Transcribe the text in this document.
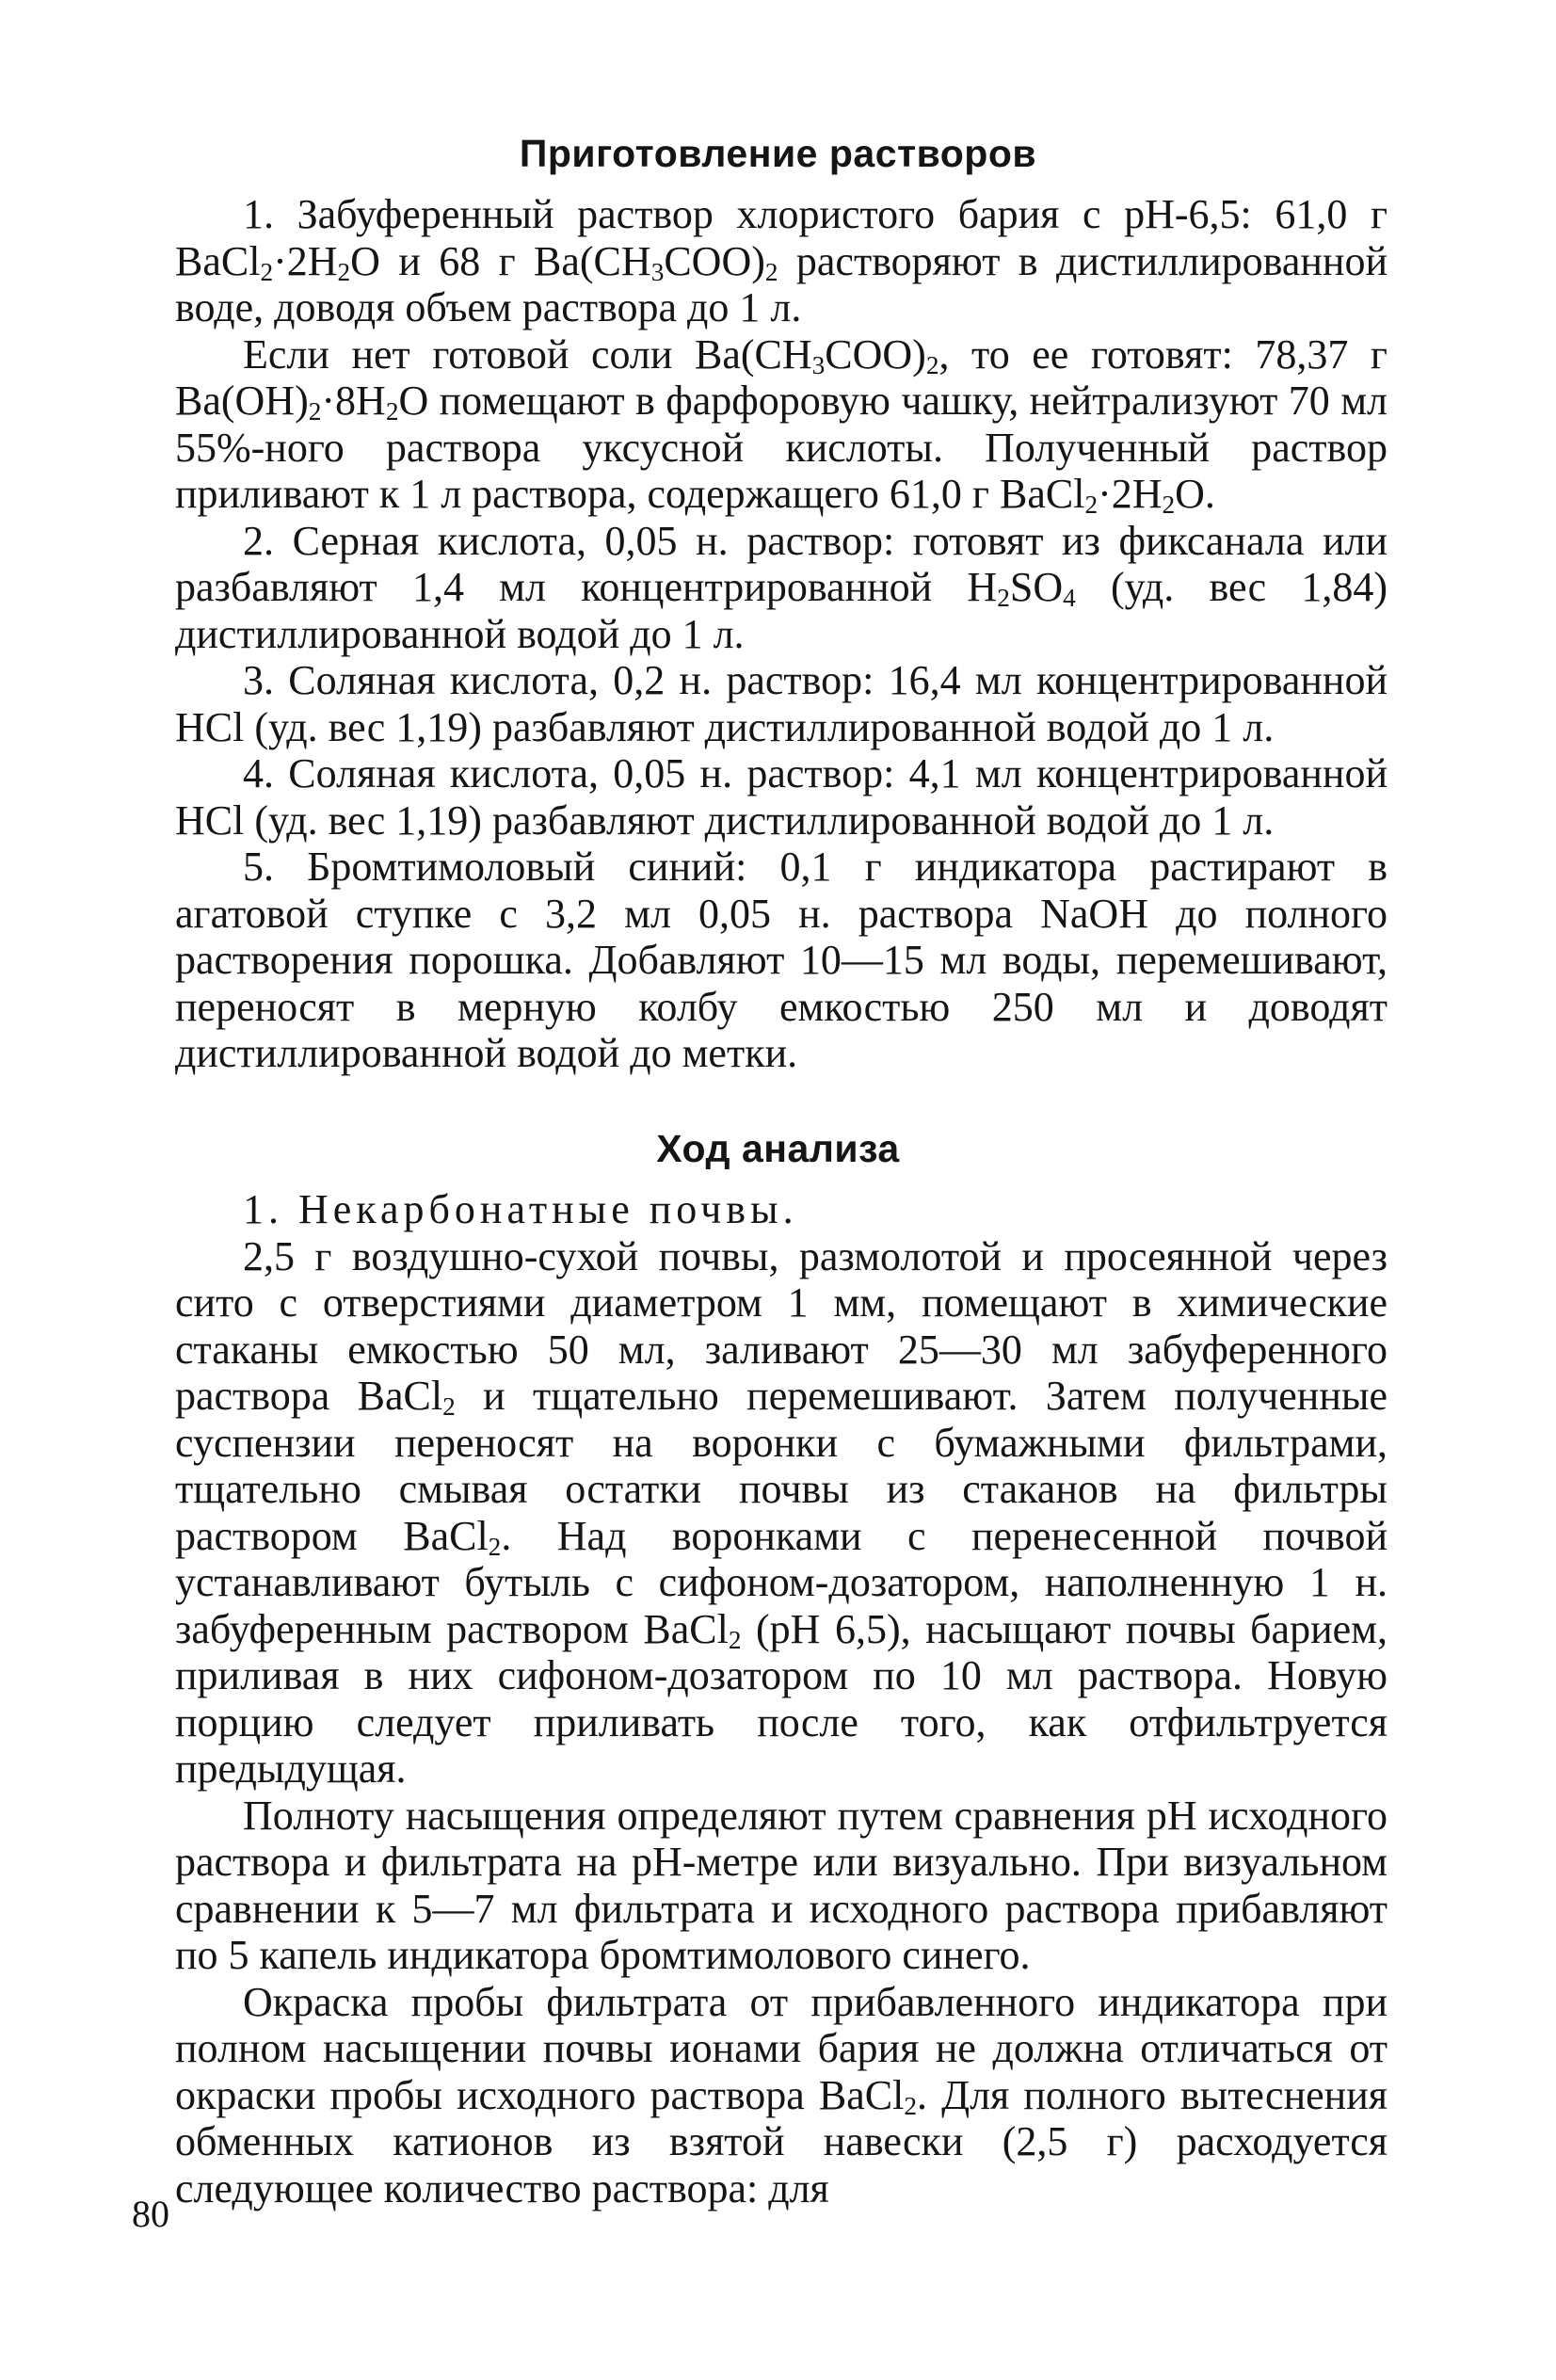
Приготовление растворов

1. Забуференный раствор хлористого бария с pH-6,5: 61,0 г $BaCl_2\cdot 2H_2O$ и 68 г $Ba(CH_3COO)_2$ растворяют в дистиллированной воде, доводя объем раствора до 1 л.

Если нет готовой соли $Ba(CH_3COO)_2$, то ее готовят: 78,37 г $Ba(OH)_2\cdot 8H_2O$ помещают в фарфоровую чашку, нейтрализуют 70 мл 55%-ного раствора уксусной кислоты. Полученный раствор приливают к 1 л раствора, содержащего 61,0 г $BaCl_2\cdot 2H_2O$.

2. Серная кислота, 0,05 н. раствор: готовят из фиксанала или разбавляют 1,4 мл концентрированной $H_2SO_4$ (уд. вес 1,84) дистиллированной водой до 1 л.

3. Соляная кислота, 0,2 н. раствор: 16,4 мл концентрированной HCl (уд. вес 1,19) разбавляют дистиллированной водой до 1 л.

4. Соляная кислота, 0,05 н. раствор: 4,1 мл концентрированной HCl (уд. вес 1,19) разбавляют дистиллированной водой до 1 л.

5. Бромтимоловый синий: 0,1 г индикатора растирают в агатовой ступке с 3,2 мл 0,05 н. раствора NaOH до полного растворения порошка. Добавляют 10—15 мл воды, перемешивают, переносят в мерную колбу емкостью 250 мл и доводят дистиллированной водой до метки.

Ход анализа

1. Некарбонатные почвы.

2,5 г воздушно-сухой почвы, размолотой и просеянной через сито с отверстиями диаметром 1 мм, помещают в химические стаканы емкостью 50 мл, заливают 25—30 мл забуференного раствора BaCl$_2$ и тщательно перемешивают. Затем полученные суспензии переносят на воронки с бумажными фильтрами, тщательно смывая остатки почвы из стаканов на фильтры раствором BaCl$_2$. Над воронками с перенесенной почвой устанавливают бутыль с сифоном-дозатором, наполненную 1 н. забуференным раствором BaCl$_2$ (pH 6,5), насыщают почвы барием, приливая в них сифоном-дозатором по 10 мл раствора. Новую порцию следует приливать после того, как отфильтруется предыдущая.

Полноту насыщения определяют путем сравнения pH исходного раствора и фильтрата на pH-метре или визуально. При визуальном сравнении к 5—7 мл фильтрата и исходного раствора прибавляют по 5 капель индикатора бромтимолового синего.

Окраска пробы фильтрата от прибавленного индикатора при полном насыщении почвы ионами бария не должна отличаться от окраски пробы исходного раствора BaCl$_2$. Для полного вытеснения обменных катионов из взятой навески (2,5 г) расходуется следующее количество раствора: для

80
